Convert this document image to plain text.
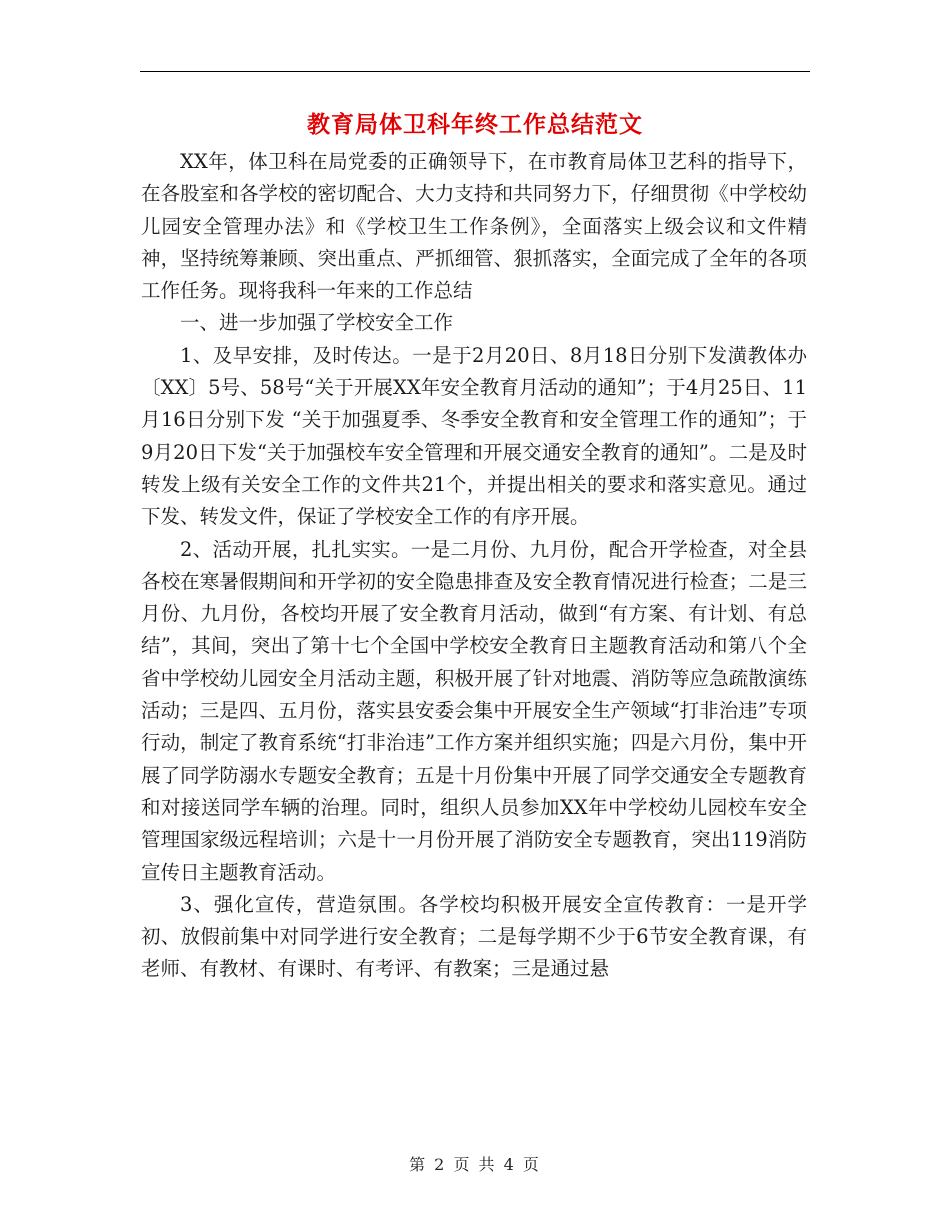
教育局体卫科年终工作总结范文

XX年，体卫科在局党委的正确领导下，在市教育局体卫艺科的指导下，在各股室和各学校的密切配合、大力支持和共同努力下，仔细贯彻《中学校幼儿园安全管理办法》和《学校卫生工作条例》，全面落实上级会议和文件精神，坚持统筹兼顾、突出重点、严抓细管、狠抓落实，全面完成了全年的各项工作任务。现将我科一年来的工作总结

一、进一步加强了学校安全工作

1、及早安排，及时传达。一是于2月20日、8月18日分别下发潢教体办〔XX〕5号、58号“关于开展XX年安全教育月活动的通知”；于4月25日、11月16日分别下发 “关于加强夏季、冬季安全教育和安全管理工作的通知”；于9月20日下发“关于加强校车安全管理和开展交通安全教育的通知”。二是及时转发上级有关安全工作的文件共21个，并提出相关的要求和落实意见。通过下发、转发文件，保证了学校安全工作的有序开展。

2、活动开展，扎扎实实。一是二月份、九月份，配合开学检查，对全县各校在寒暑假期间和开学初的安全隐患排查及安全教育情况进行检查；二是三月份、九月份，各校均开展了安全教育月活动，做到“有方案、有计划、有总结”，其间，突出了第十七个全国中学校安全教育日主题教育活动和第八个全省中学校幼儿园安全月活动主题，积极开展了针对地震、消防等应急疏散演练活动；三是四、五月份，落实县安委会集中开展安全生产领域“打非治违”专项行动，制定了教育系统“打非治违”工作方案并组织实施；四是六月份，集中开展了同学防溺水专题安全教育；五是十月份集中开展了同学交通安全专题教育和对接送同学车辆的治理。同时，组织人员参加XX年中学校幼儿园校车安全管理国家级远程培训；六是十一月份开展了消防安全专题教育，突出119消防宣传日主题教育活动。

3、强化宣传，营造氛围。各学校均积极开展安全宣传教育：一是开学初、放假前集中对同学进行安全教育；二是每学期不少于6节安全教育课，有老师、有教材、有课时、有考评、有教案；三是通过悬

第 2 页 共 4 页
